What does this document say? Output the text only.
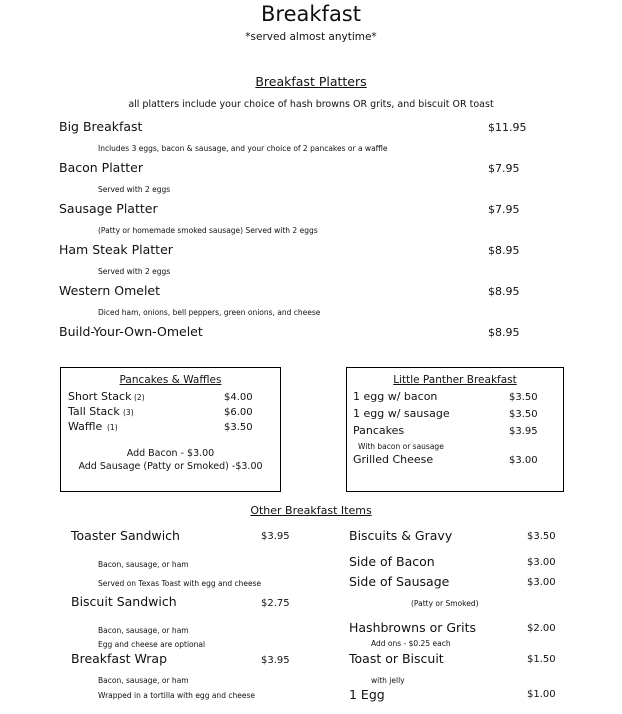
Breakfast
*served almost anytime*
Breakfast Platters
all platters include your choice of hash browns OR grits, and biscuit OR toast
Big Breakfast	$11.95
Includes 3 eggs, bacon & sausage, and your choice of 2 pancakes or a waffle
Bacon Platter	$7.95
Served with 2 eggs
Sausage Platter	$7.95
(Patty or homemade smoked sausage) Served with 2 eggs
Ham Steak Platter	$8.95
Served with 2 eggs
Western Omelet	$8.95
Diced ham, onions, bell peppers, green onions, and cheese
Build-Your-Own-Omelet	$8.95
Pancakes & Waffles
Short Stack (2)	$4.00
Tall Stack (3)	$6.00
Waffle (1)	$3.50
Add Bacon - $3.00
Add Sausage (Patty or Smoked) -$3.00
Little Panther Breakfast
1 egg w/ bacon	$3.50
1 egg w/ sausage	$3.50
Pancakes	$3.95
With bacon or sausage
Grilled Cheese	$3.00
Other Breakfast Items
Toaster Sandwich	$3.95
Bacon, sausage, or ham
Served on Texas Toast with egg and cheese
Biscuit Sandwich	$2.75
Bacon, sausage, or ham
Egg and cheese are optional
Breakfast Wrap	$3.95
Bacon, sausage, or ham
Wrapped in a tortilla with egg and cheese
Biscuits & Gravy	$3.50
Side of Bacon	$3.00
Side of Sausage	$3.00
(Patty or Smoked)
Hashbrowns or Grits	$2.00
Add ons - $0.25 each
Toast or Biscuit	$1.50
with jelly
1 Egg	$1.00
